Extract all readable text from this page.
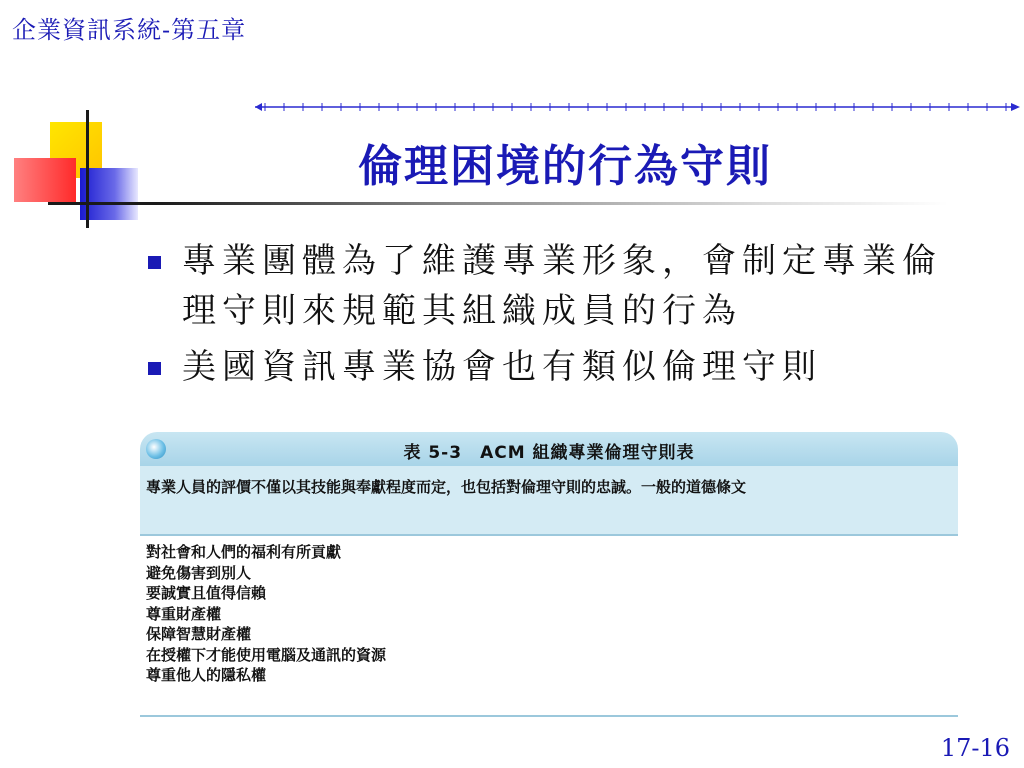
企業資訊系統-第五章
倫理困境的行為守則
專業團體為了維護專業形象，會制定專業倫理守則來規範其組織成員的行為
美國資訊專業協會也有類似倫理守則
表 5-3　ACM 組織專業倫理守則表
專業人員的評價不僅以其技能與奉獻程度而定，也包括對倫理守則的忠誠。一般的道德條文
對社會和人們的福利有所貢獻
避免傷害到別人
要誠實且值得信賴
尊重財產權
保障智慧財產權
在授權下才能使用電腦及通訊的資源
尊重他人的隱私權
17-16
